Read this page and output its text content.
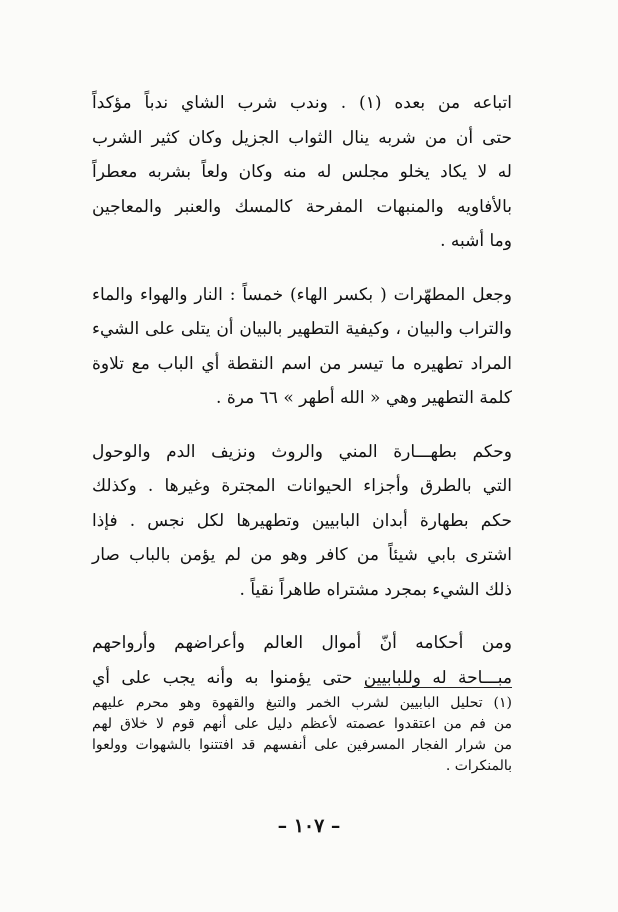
اتباعه من بعده (١) . وندب شرب الشاي ندباً مؤكداً

حتى أن من شربه ينال الثواب الجزيل وكان كثير الشرب

له لا يكاد يخلو مجلس له منه وكان ولعاً بشربه معطراً

بالأفاويه والمنبهات المفرحة كالمسك والعنبر والمعاجين

وما أشبه .

وجعل المطهّرات ( بكسر الهاء) خمساً : النار والهواء والماء

والتراب والبيان ، وكيفية التطهير بالبيان أن يتلى على الشيء

المراد تطهيره ما تيسر من اسم النقطة أي الباب مع تلاوة

كلمة التطهير وهي « الله أطهر » ٦٦ مرة .

وحكم بطهـــارة المني والروث ونزيف الدم والوحول

التي بالطرق وأجزاء الحيوانات المجترة وغيرها . وكذلك

حكم بطهارة أبدان البابيين وتطهيرها لكل نجس . فإذا

اشترى بابي شيئاً من كافر وهو من لم يؤمن بالباب صار

ذلك الشيء بمجرد مشتراه طاهراً نقياً .

ومن أحكامه أنّ أموال العالم وأعراضهم وأرواحهم

مبـــاحة له وللبابيين حتى يؤمنوا به وأنه يجب على أي

(١) تحليل البابيين لشرب الخمر والتبغ والقهوة وهو محرم عليهم

من فم من اعتقدوا عصمته لأعظم دليل على أنهم قوم لا خلاق لهم

من شرار الفجار المسرفين على أنفسهم قد افتتنوا بالشهوات وولعوا

بالمنكرات .

– ١٠٧ –
